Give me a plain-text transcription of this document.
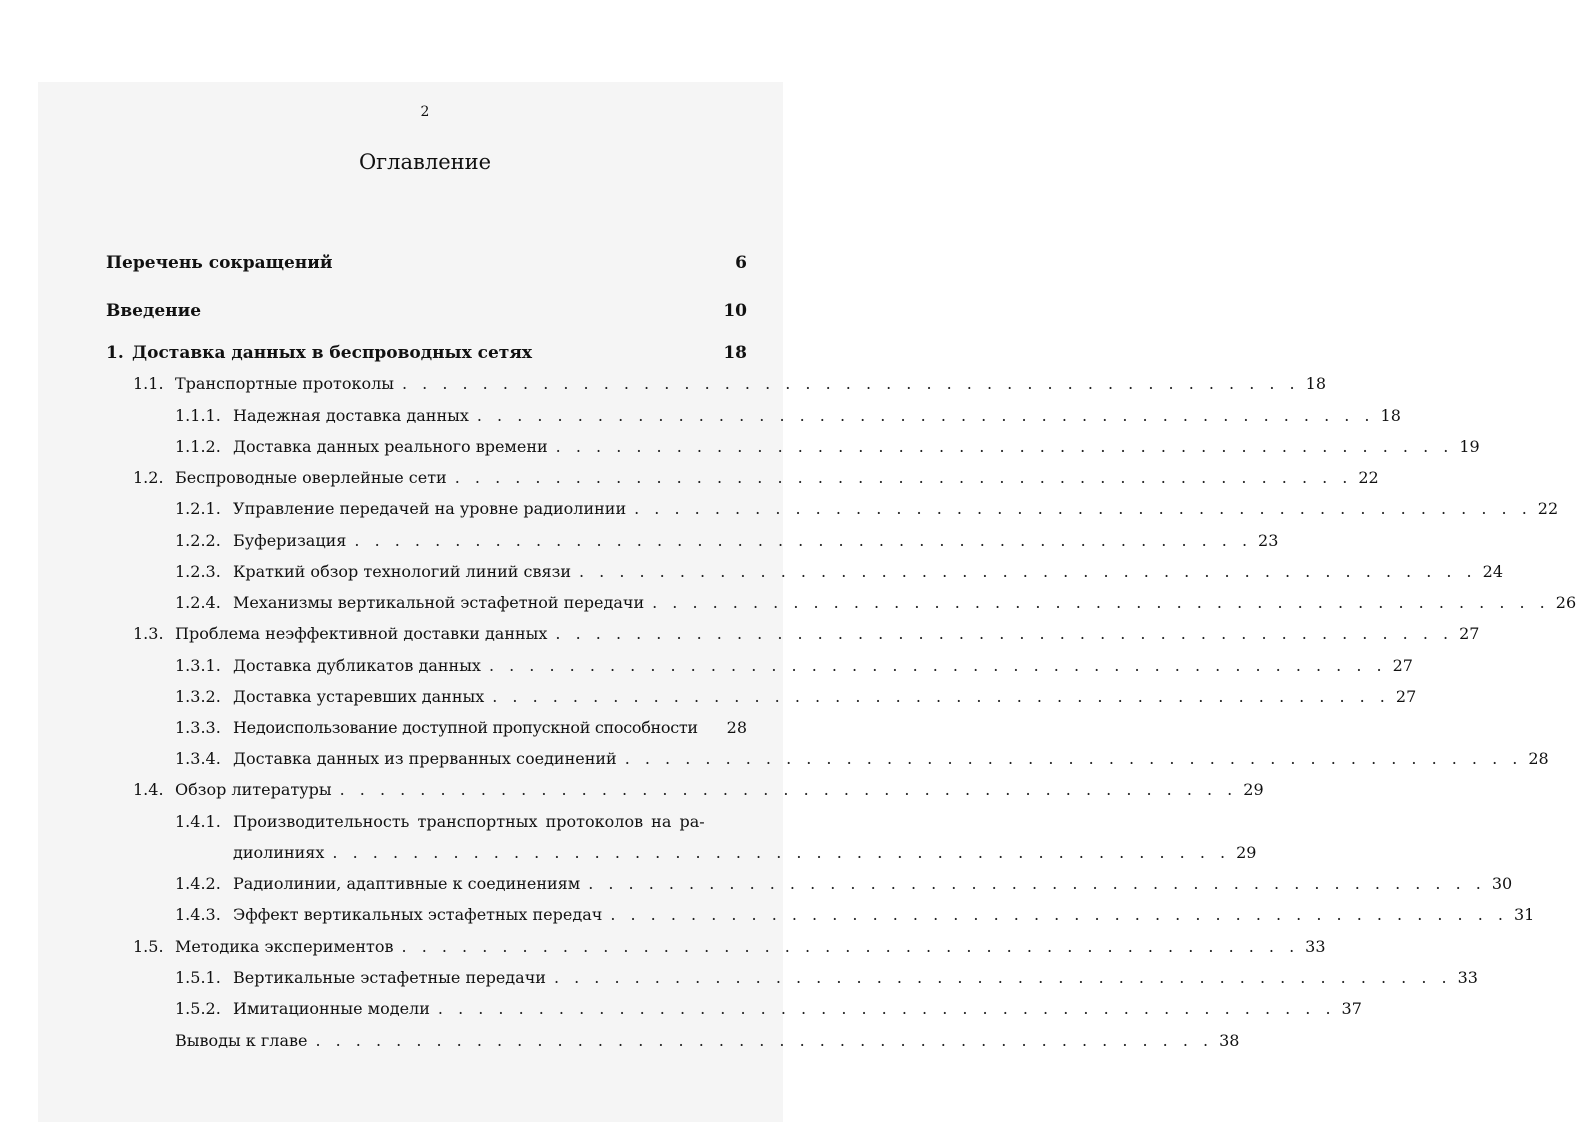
2
Оглавление
Перечень сокращений	6
Введение	10
1. Доставка данных в беспроводных сетях	18
1.1. Транспортные протоколы . . . . . . . . . . . . . . . . . . . . . . . . . . . . . . . . . . . . . . . . . . . . . 18
1.1.1. Надежная доставка данных . . . . . . . . . . . . . . . . . . . . . . . . . . . . . . . . . . . . . . . . . . . . . 18
1.1.2. Доставка данных реального времени . . . . . . . . . . . . . . . . . . . . . . . . . . . . . . . . . . . . . . . . . . . . . 19
1.2. Беспроводные оверлейные сети . . . . . . . . . . . . . . . . . . . . . . . . . . . . . . . . . . . . . . . . . . . . . 22
1.2.1. Управление передачей на уровне радиолинии . . . . . . . . . . . . . . . . . . . . . . . . . . . . . . . . . . . . . . . . . . . . . 22
1.2.2. Буферизация . . . . . . . . . . . . . . . . . . . . . . . . . . . . . . . . . . . . . . . . . . . . . 23
1.2.3. Краткий обзор технологий линий связи . . . . . . . . . . . . . . . . . . . . . . . . . . . . . . . . . . . . . . . . . . . . . 24
1.2.4. Механизмы вертикальной эстафетной передачи . . . . . . . . . . . . . . . . . . . . . . . . . . . . . . . . . . . . . . . . . . . . . 26
1.3. Проблема неэффективной доставки данных . . . . . . . . . . . . . . . . . . . . . . . . . . . . . . . . . . . . . . . . . . . . . 27
1.3.1. Доставка дубликатов данных . . . . . . . . . . . . . . . . . . . . . . . . . . . . . . . . . . . . . . . . . . . . . 27
1.3.2. Доставка устаревших данных . . . . . . . . . . . . . . . . . . . . . . . . . . . . . . . . . . . . . . . . . . . . . 27
1.3.3. Недоиспользование доступной пропускной способности 28
1.3.4. Доставка данных из прерванных соединений . . . . . . . . . . . . . . . . . . . . . . . . . . . . . . . . . . . . . . . . . . . . . 28
1.4. Обзор литературы . . . . . . . . . . . . . . . . . . . . . . . . . . . . . . . . . . . . . . . . . . . . . 29
1.4.1. Производительность транспортных протоколов на ра-
диолиниях . . . . . . . . . . . . . . . . . . . . . . . . . . . . . . . . . . . . . . . . . . . . . 29
1.4.2. Радиолинии, адаптивные к соединениям . . . . . . . . . . . . . . . . . . . . . . . . . . . . . . . . . . . . . . . . . . . . . 30
1.4.3. Эффект вертикальных эстафетных передач . . . . . . . . . . . . . . . . . . . . . . . . . . . . . . . . . . . . . . . . . . . . . 31
1.5. Методика экспериментов . . . . . . . . . . . . . . . . . . . . . . . . . . . . . . . . . . . . . . . . . . . . . 33
1.5.1. Вертикальные эстафетные передачи . . . . . . . . . . . . . . . . . . . . . . . . . . . . . . . . . . . . . . . . . . . . . 33
1.5.2. Имитационные модели . . . . . . . . . . . . . . . . . . . . . . . . . . . . . . . . . . . . . . . . . . . . . 37
Выводы к главе . . . . . . . . . . . . . . . . . . . . . . . . . . . . . . . . . . . . . . . . . . . . . 38
